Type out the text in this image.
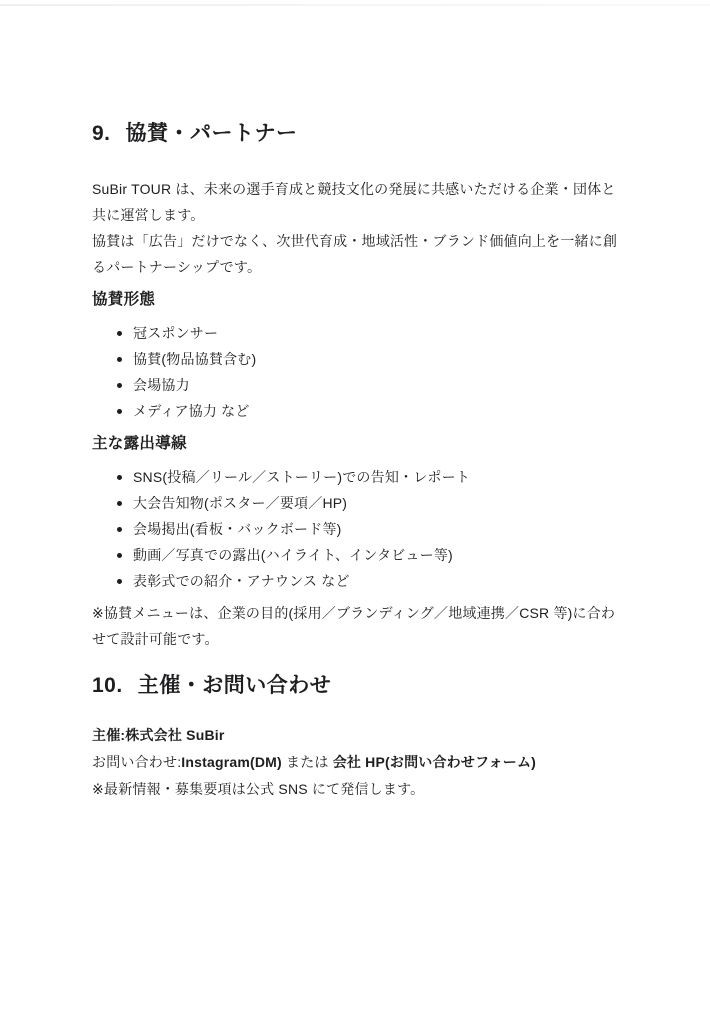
9. 協賛・パートナー
SuBir TOUR は、未来の選手育成と競技文化の発展に共感いただける企業・団体と共に運営します。
協賛は「広告」だけでなく、次世代育成・地域活性・ブランド価値向上を一緒に創るパートナーシップです。
協賛形態
冠スポンサー
協賛(物品協賛含む)
会場協力
メディア協力 など
主な露出導線
SNS(投稿／リール／ストーリー)での告知・レポート
大会告知物(ポスター／要項／HP)
会場掲出(看板・バックボード等)
動画／写真での露出(ハイライト、インタビュー等)
表彰式での紹介・アナウンス など

※協賛メニューは、企業の目的(採用／ブランディング／地域連携／CSR 等)に合わせて設計可能です。

10. 主催・お問い合わせ
主催:株式会社 SuBir
お問い合わせ:Instagram(DM) または 会社 HP(お問い合わせフォーム)
※最新情報・募集要項は公式 SNS にて発信します。
